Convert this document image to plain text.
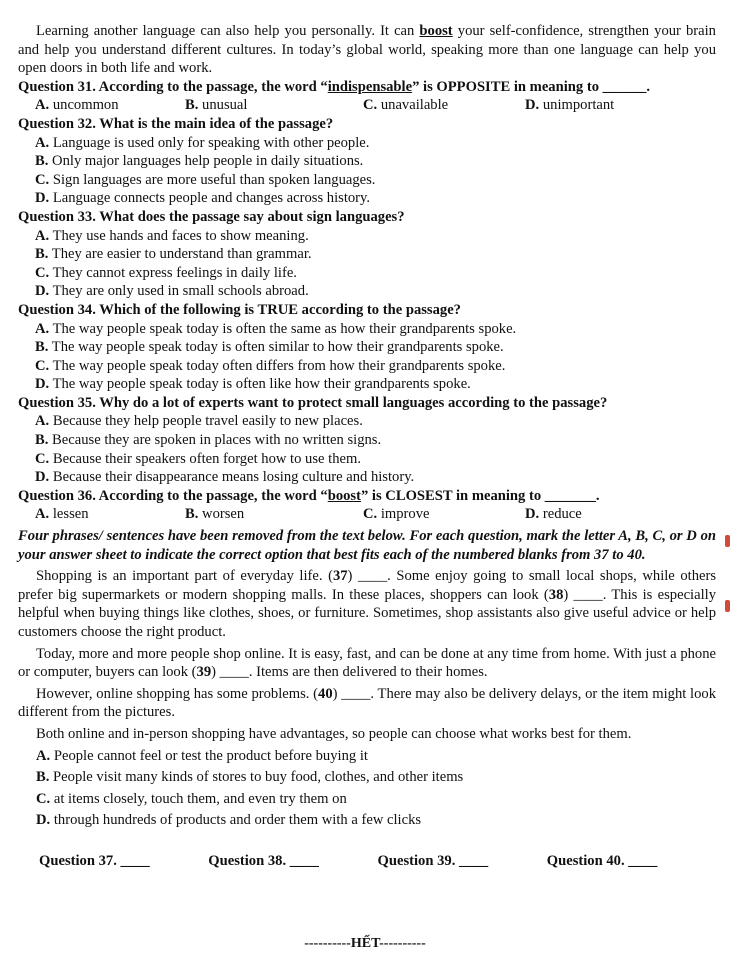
Learning another language can also help you personally. It can boost your self-confidence, strengthen your brain and help you understand different cultures. In today’s global world, speaking more than one language can help you open doors in both life and work.

Question 31. According to the passage, the word “indispensable” is OPPOSITE in meaning to ______.

A. uncommon	B. unusual	C. unavailable	D. unimportant

Question 32. What is the main idea of the passage?

A. Language is used only for speaking with other people.

B. Only major languages help people in daily situations.

C. Sign languages are more useful than spoken languages.

D. Language connects people and changes across history.

Question 33. What does the passage say about sign languages?

A. They use hands and faces to show meaning.

B. They are easier to understand than grammar.

C. They cannot express feelings in daily life.

D. They are only used in small schools abroad.

Question 34. Which of the following is TRUE according to the passage?

A. The way people speak today is often the same as how their grandparents spoke.

B. The way people speak today is often similar to how their grandparents spoke.

C. The way people speak today often differs from how their grandparents spoke.

D. The way people speak today is often like how their grandparents spoke.

Question 35. Why do a lot of experts want to protect small languages according to the passage?

A. Because they help people travel easily to new places.

B. Because they are spoken in places with no written signs.

C. Because their speakers often forget how to use them.

D. Because their disappearance means losing culture and history.

Question 36. According to the passage, the word “boost” is CLOSEST in meaning to _______.

A. lessen	B. worsen	C. improve	D. reduce

Four phrases/ sentences have been removed from the text below. For each question, mark the letter A, B, C, or D on your answer sheet to indicate the correct option that best fits each of the numbered blanks from 37 to 40.

Shopping is an important part of everyday life. (37) ____. Some enjoy going to small local shops, while others prefer big supermarkets or modern shopping malls. In these places, shoppers can look (38) ____. This is especially helpful when buying things like clothes, shoes, or furniture. Sometimes, shop assistants also give useful advice or help customers choose the right product.

Today, more and more people shop online. It is easy, fast, and can be done at any time from home. With just a phone or computer, buyers can look (39) ____. Items are then delivered to their homes.

However, online shopping has some problems. (40) ____. There may also be delivery delays, or the item might look different from the pictures.

Both online and in-person shopping have advantages, so people can choose what works best for them.

A. People cannot feel or test the product before buying it

B. People visit many kinds of stores to buy food, clothes, and other items

C. at items closely, touch them, and even try them on

D. through hundreds of products and order them with a few clicks

Question 37. ____	Question 38. ____	Question 39. ____	Question 40. ____
----------HẾT----------
